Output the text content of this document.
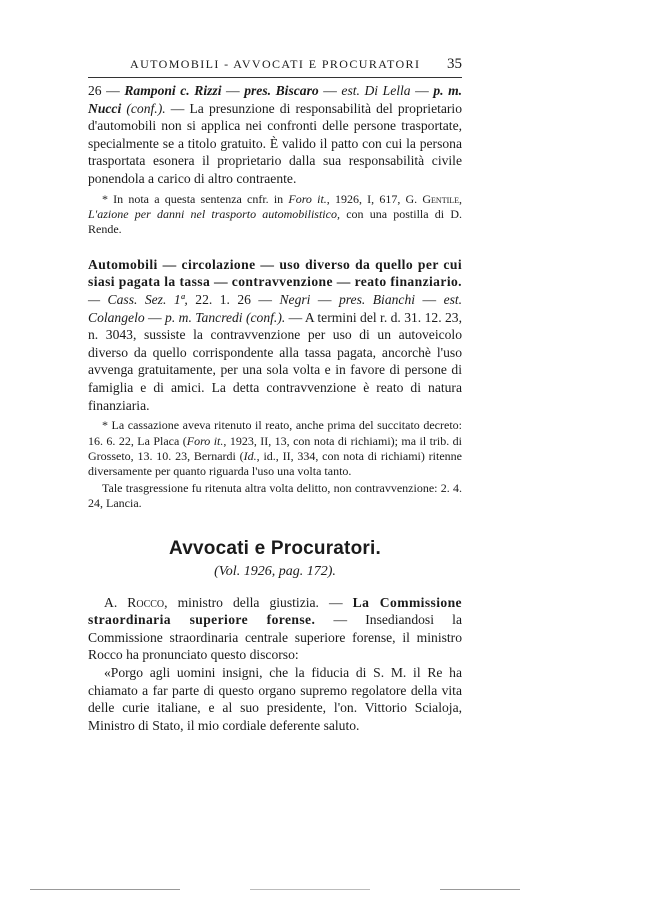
AUTOMOBILI - AVVOCATI E PROCURATORI 35

26 — Ramponi c. Rizzi — pres. Biscaro — est. Di Lella — p. m. Nucci (conf.). — La presunzione di responsabilità del proprietario d'automobili non si applica nei confronti delle persone trasportate, specialmente se a titolo gratuito. È valido il patto con cui la persona trasportata esonera il proprietario dalla sua responsabilità civile ponendola a carico di altro contraente.

* In nota a questa sentenza cnfr. in Foro it., 1926, I, 617, G. Gentile, L'azione per danni nel trasporto automobilistico, con una postilla di D. Rende.

Automobili — circolazione — uso diverso da quello per cui siasi pagata la tassa — contravvenzione — reato finanziario. — Cass. Sez. 1ª, 22. 1. 26 — Negri — pres. Bianchi — est. Colangelo — p. m. Tancredi (conf.). — A termini del r. d. 31. 12. 23, n. 3043, sussiste la contravvenzione per uso di un autoveicolo diverso da quello corrispondente alla tassa pagata, ancorchè l'uso avvenga gratuitamente, per una sola volta e in favore di persone di famiglia e di amici. La detta contravvenzione è reato di natura finanziaria.

* La cassazione aveva ritenuto il reato, anche prima del succitato decreto: 16. 6. 22, La Placa (Foro it., 1923, II, 13, con nota di richiami); ma il trib. di Grosseto, 13. 10. 23, Bernardi (Id., id., II, 334, con nota di richiami) ritenne diversamente per quanto riguarda l'uso una volta tanto.

Tale trasgressione fu ritenuta altra volta delitto, non contravvenzione: 2. 4. 24, Lancia.

Avvocati e Procuratori.
(Vol. 1926, pag. 172).

A. Rocco, ministro della giustizia. — La Commissione straordinaria superiore forense. — Insediandosi la Commissione straordinaria centrale superiore forense, il ministro Rocco ha pronunciato questo discorso:

«Porgo agli uomini insigni, che la fiducia di S. M. il Re ha chiamato a far parte di questo organo supremo regolatore della vita delle curie italiane, e al suo presidente, l'on. Vittorio Scialoja, Ministro di Stato, il mio cordiale deferente saluto.
